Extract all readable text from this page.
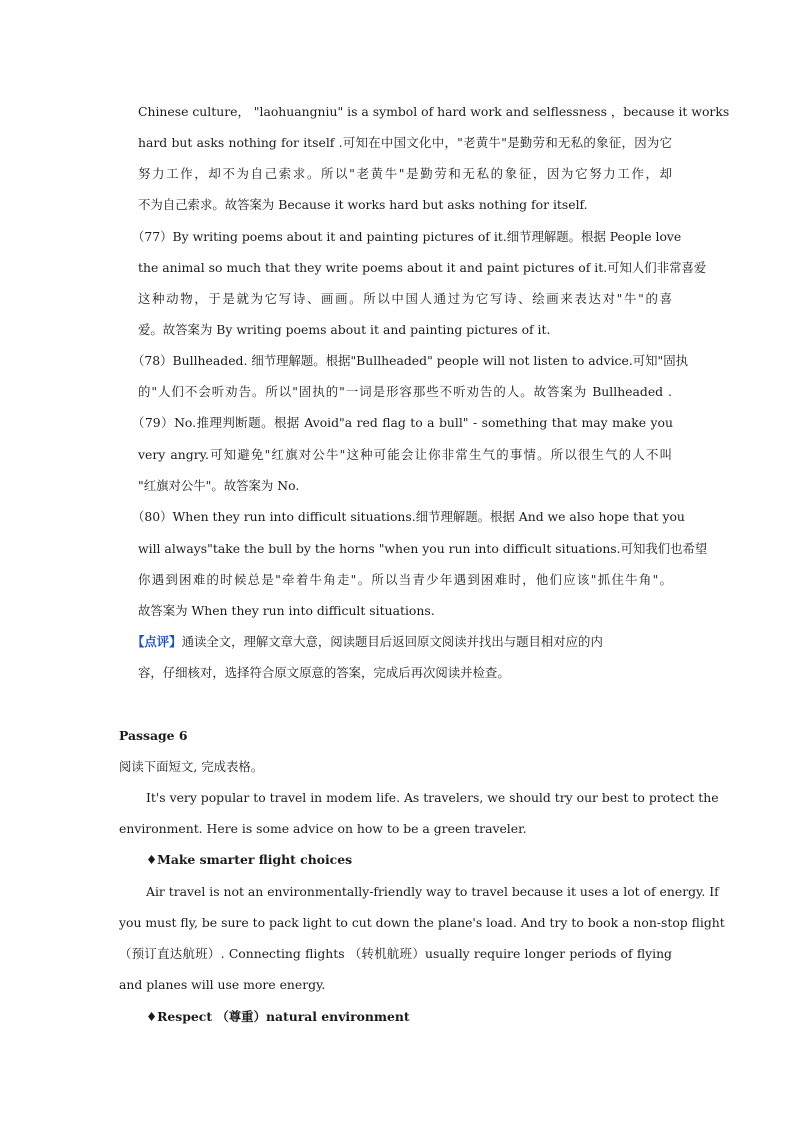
Chinese culture， "laohuangniu" is a symbol of hard work and selflessness ，because it works

hard but asks nothing for itself .可知在中国文化中，"老黄牛"是勤劳和无私的象征，因为它

努力工作，却不为自己索求。所以"老黄牛"是勤劳和无私的象征，因为它努力工作，却

不为自己索求。故答案为 Because it works hard but asks nothing for itself.

（77）By writing poems about it and painting pictures of it.细节理解题。根据 People love

the animal so much that they write poems about it and paint pictures of it.可知人们非常喜爱

这种动物，于是就为它写诗、画画。所以中国人通过为它写诗、绘画来表达对"牛"的喜

爱。故答案为 By writing poems about it and painting pictures of it.

（78）Bullheaded. 细节理解题。根据"Bullheaded" people will not listen to advice.可知"固执

的"人们不会听劝告。所以"固执的"一词是形容那些不听劝告的人。故答案为 Bullheaded .

（79）No.推理判断题。根据 Avoid"a red flag to a bull" - something that may make you

very angry.可知避免"红旗对公牛"这种可能会让你非常生气的事情。所以很生气的人不叫

"红旗对公牛"。故答案为 No.

（80）When they run into difficult situations.细节理解题。根据 And we also hope that you

will always"take the bull by the horns "when you run into difficult situations.可知我们也希望

你遇到困难的时候总是"牵着牛角走"。所以当青少年遇到困难时，他们应该"抓住牛角"。

故答案为 When they run into difficult situations.

【点评】通读全文，理解文章大意，阅读题目后返回原文阅读并找出与题目相对应的内

容，仔细核对，选择符合原文原意的答案，完成后再次阅读并检查。

Passage 6

阅读下面短文, 完成表格。

It's very popular to travel in modem life. As travelers, we should try our best to protect the

environment. Here is some advice on how to be a green traveler.

♦Make smarter flight choices

Air travel is not an environmentally-friendly way to travel because it uses a lot of energy. If

you must fly, be sure to pack light to cut down the plane's load. And try to book a non-stop flight

（预订直达航班）. Connecting flights （转机航班）usually require longer periods of flying

and planes will use more energy.

♦Respect （尊重）natural environment
